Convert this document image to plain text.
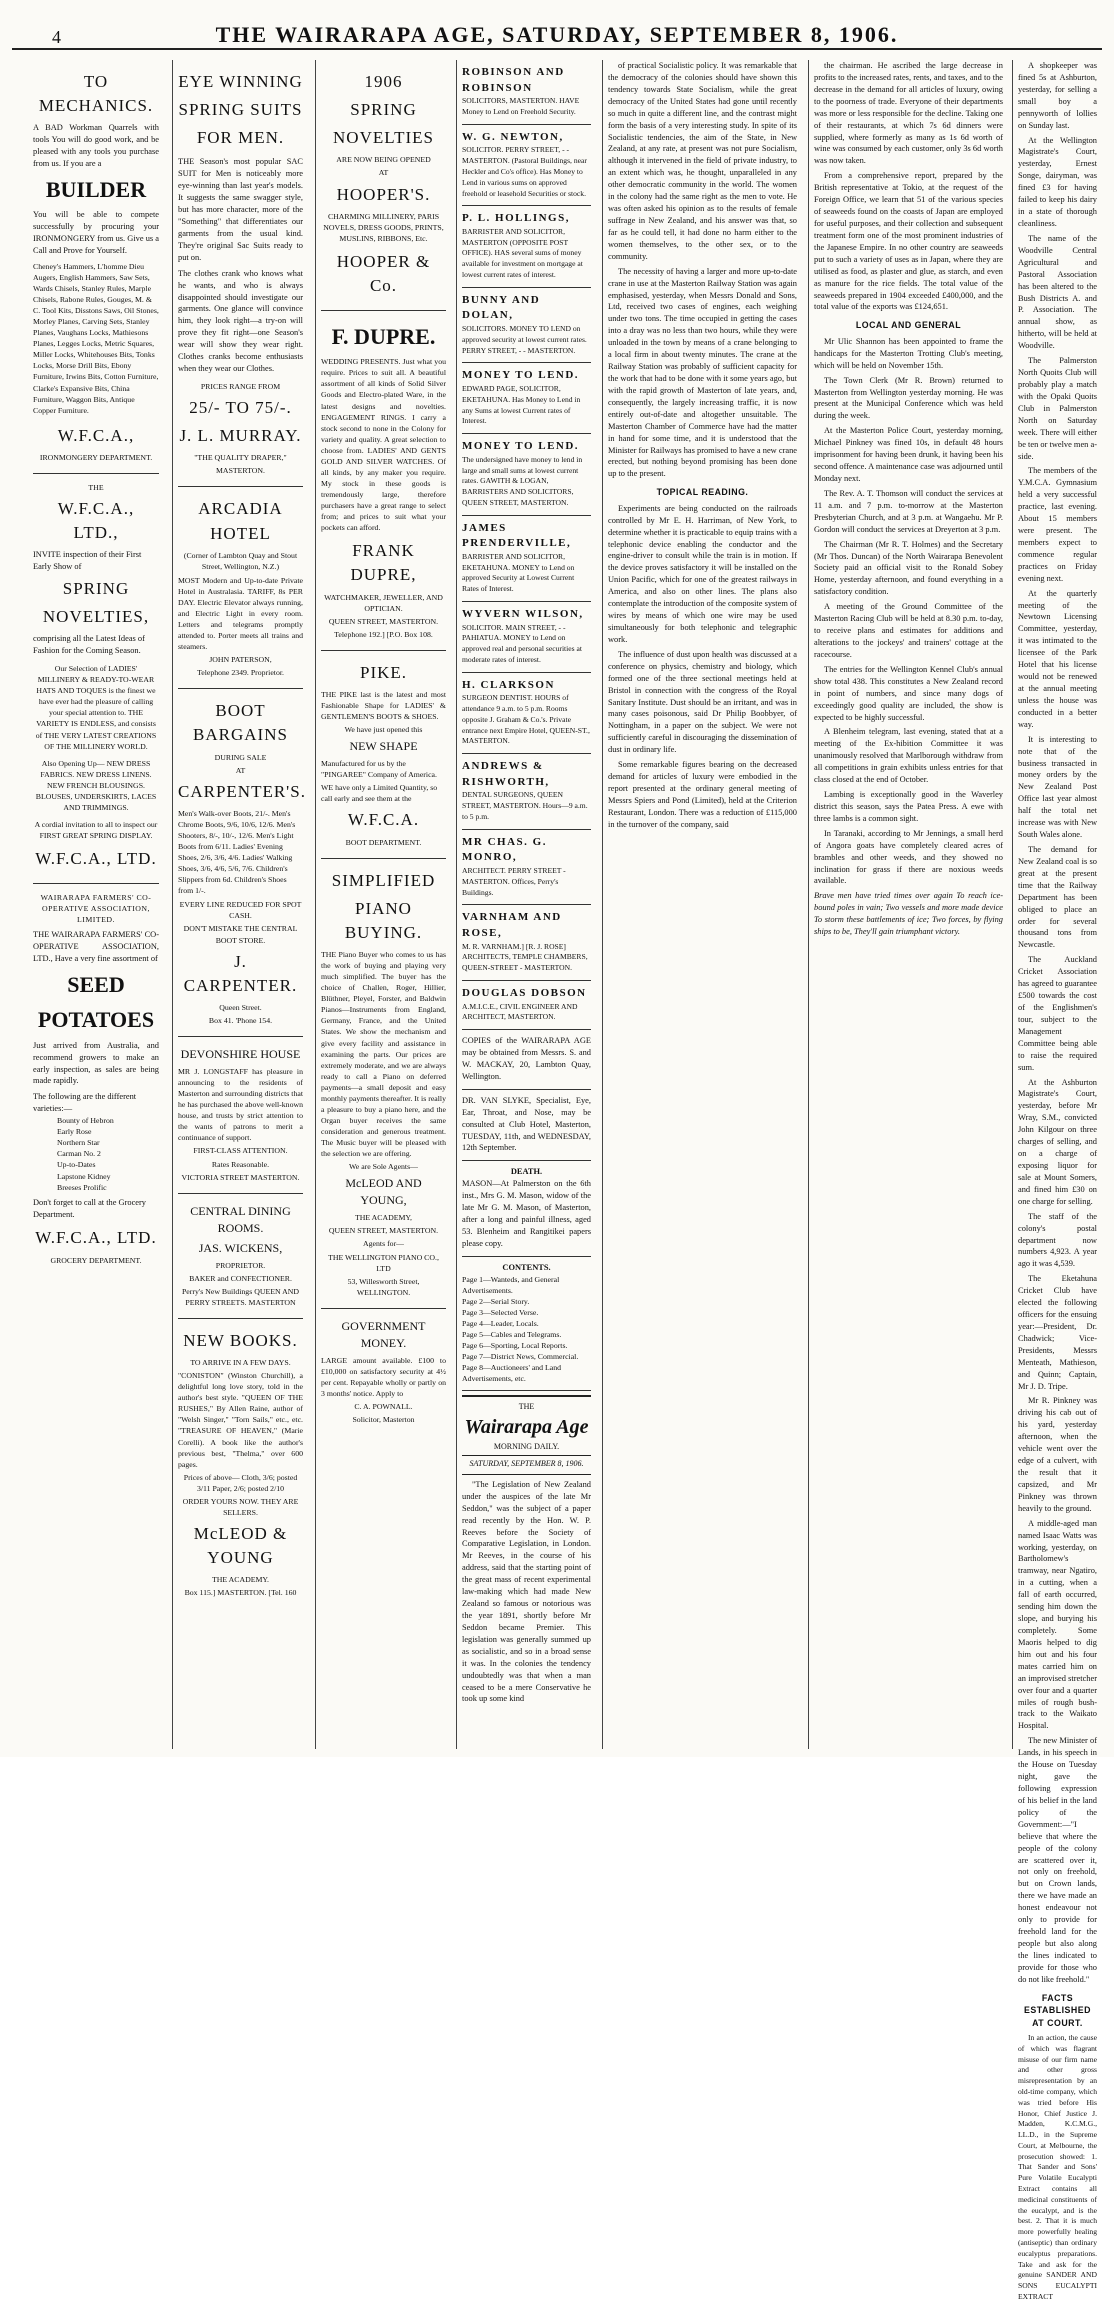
4	THE WAIRARAPA AGE, SATURDAY, SEPTEMBER 8, 1906.
TO MECHANICS.
A BAD Workman Quarrels with tools You will do good work, and be pleased with any tools you purchase from us. If you are a
BUILDER
You will be able to compete successfully by procuring your IRONMONGERY from us. Give us a Call and Prove for Yourself.
Cheney's Hammers, L'homme Dieu Augers, English Hammers, Saw Sets, Wards Chisels, Stanley Rules, Marple Chisels, Rabone Rules, Gouges, M. & C. Tool Kits, Disstons Saws, Oil Stones, Morley Planes, Carving Sets, Stanley Planes, Vaughans Locks, Mathiesons Planes, Legges Locks, Metric Squares, Miller Locks, Whitehouses Bits, Tonks Locks, Morse Drill Bits, Ebony Furniture, Irwins Bits, Cotton Furniture, Clarke's Expansive Bits, China Furniture, Waggon Bits, Antique Copper Furniture.
W.F.C.A.,
IRONMONGERY DEPARTMENT.
THE
W.F.C.A., LTD.,
INVITE inspection of their First Early Show of
SPRING
NOVELTIES,
comprising all the Latest Ideas of Fashion for the Coming Season.
Our Selection of LADIES' MILLINERY & READY-TO-WEAR HATS AND TOQUES is the finest we have ever had the pleasure of calling your special attention to. THE VARIETY IS ENDLESS, and consists of THE VERY LATEST CREATIONS OF THE MILLINERY WORLD.
Also Opening Up— NEW DRESS FABRICS. NEW DRESS LINENS. NEW FRENCH BLOUSINGS. BLOUSES, UNDERSKIRTS, LACES AND TRIMMINGS.
A cordial invitation to all to inspect our FIRST GREAT SPRING DISPLAY.
W.F.C.A., LTD.
WAIRARAPA FARMERS' CO-OPERATIVE ASSOCIATION, LIMITED.
THE WAIRARAPA FARMERS' CO-OPERATIVE ASSOCIATION, LTD., Have a very fine assortment of
SEED
POTATOES
Just arrived from Australia, and recommend growers to make an early inspection, as sales are being made rapidly.
The following are the different varieties:—
Bounty of Hebron
Early Rose
Northern Star
Carman No. 2
Up-to-Dates
Lapstone Kidney
Breeses Prolific
Don't forget to call at the Grocery Department.
W.F.C.A., LTD.
GROCERY DEPARTMENT.
EYE WINNING
SPRING SUITS
FOR MEN.
THE Season's most popular SAC SUIT for Men is noticeably more eye-winning than last year's models. It suggests the same swagger style, but has more character, more of the "Something" that differentiates our garments from the usual kind. They're original Sac Suits ready to put on.
The clothes crank who knows what he wants, and who is always disappointed should investigate our garments. One glance will convince him, they look right—a try-on will prove they fit right—one Season's wear will show they wear right. Clothes cranks become enthusiasts when they wear our Clothes.
PRICES RANGE FROM
25/- TO 75/-.
J. L. MURRAY.
"THE QUALITY DRAPER,"
MASTERTON.
ARCADIA HOTEL
(Corner of Lambton Quay and Stout Street, Wellington, N.Z.)
MOST Modern and Up-to-date Private Hotel in Australasia. TARIFF, 8s PER DAY. Electric Elevator always running, and Electric Light in every room. Letters and telegrams promptly attended to. Porter meets all trains and steamers.
JOHN PATERSON,
Telephone 2349. Proprietor.
BOOT BARGAINS
DURING SALE
AT
CARPENTER'S.
Men's Walk-over Boots, 21/-. Men's Chrome Boots, 9/6, 10/6, 12/6. Men's Shooters, 8/-, 10/-, 12/6. Men's Light Boots from 6/11. Ladies' Evening Shoes, 2/6, 3/6, 4/6. Ladies' Walking Shoes, 3/6, 4/6, 5/6, 7/6. Children's Slippers from 6d. Children's Shoes from 1/-.
EVERY LINE REDUCED FOR SPOT CASH.
DON'T MISTAKE THE CENTRAL BOOT STORE.
J. CARPENTER.
Queen Street.
Box 41. 'Phone 154.
DEVONSHIRE HOUSE
MR J. LONGSTAFF has pleasure in announcing to the residents of Masterton and surrounding districts that he has purchased the above well-known house, and trusts by strict attention to the wants of patrons to merit a continuance of support.
FIRST-CLASS ATTENTION.
Rates Reasonable.
VICTORIA STREET MASTERTON.
CENTRAL DINING ROOMS.
JAS. WICKENS,
PROPRIETOR.
BAKER and CONFECTIONER.
Perry's New Buildings QUEEN AND PERRY STREETS. MASTERTON
NEW BOOKS.
TO ARRIVE IN A FEW DAYS.
"CONISTON" (Winston Churchill), a delightful long love story, told in the author's best style. "QUEEN OF THE RUSHES," By Allen Raine, author of "Welsh Singer," "Torn Sails," etc., etc. "TREASURE OF HEAVEN," (Marie Corelli). A book like the author's previous best, "Thelma," over 600 pages.
Prices of above— Cloth, 3/6; posted 3/11 Paper, 2/6; posted 2/10
ORDER YOURS NOW. THEY ARE SELLERS.
McLEOD & YOUNG
THE ACADEMY.
Box 115.] MASTERTON. [Tel. 160
1906
SPRING
NOVELTIES
ARE NOW BEING OPENED
AT
HOOPER'S.
CHARMING MILLINERY, PARIS NOVELS, DRESS GOODS, PRINTS, MUSLINS, RIBBONS, Etc.
HOOPER & Co.
F. DUPRE.
WEDDING PRESENTS. Just what you require. Prices to suit all. A beautiful assortment of all kinds of Solid Silver Goods and Electro-plated Ware, in the latest designs and novelties. ENGAGEMENT RINGS. I carry a stock second to none in the Colony for variety and quality. A great selection to choose from. LADIES' AND GENTS GOLD AND SILVER WATCHES. Of all kinds, by any maker you require. My stock in these goods is tremendously large, therefore purchasers have a great range to select from; and prices to suit what your pockets can afford.
FRANK DUPRE,
WATCHMAKER, JEWELLER, AND OPTICIAN.
QUEEN STREET, MASTERTON.
Telephone 192.] [P.O. Box 108.
PIKE.
THE PIKE last is the latest and most Fashionable Shape for LADIES' & GENTLEMEN'S BOOTS & SHOES.
We have just opened this
NEW SHAPE
Manufactured for us by the "PINGAREE" Company of America.
WE have only a Limited Quantity, so call early and see them at the
W.F.C.A.
BOOT DEPARTMENT.
SIMPLIFIED
PIANO BUYING.
THE Piano Buyer who comes to us has the work of buying and playing very much simplified. The buyer has the choice of Challen, Roger, Hillier, Blüthner, Pleyel, Forster, and Baldwin Pianos—Instruments from England, Germany, France, and the United States. We show the mechanism and give every facility and assistance in examining the parts. Our prices are extremely moderate, and we are always ready to call a Piano on deferred payments—a small deposit and easy monthly payments thereafter. It is really a pleasure to buy a piano here, and the Organ buyer receives the same consideration and generous treatment. The Music buyer will be pleased with the selection we are offering.
We are Sole Agents—
McLEOD AND YOUNG,
THE ACADEMY,
QUEEN STREET, MASTERTON.
Agents for—
THE WELLINGTON PIANO CO., LTD
53, Willesworth Street, WELLINGTON.
GOVERNMENT MONEY.
LARGE amount available. £100 to £10,000 on satisfactory security at 4½ per cent. Repayable wholly or partly on 3 months' notice. Apply to
C. A. POWNALL.
Solicitor, Masterton
ROBINSON AND ROBINSON
SOLICITORS, MASTERTON. HAVE Money to Lend on Freehold Security.
W. G. NEWTON,
SOLICITOR. PERRY STREET, - - MASTERTON. (Pastoral Buildings, near Heckler and Co's office). Has Money to Lend in various sums on approved freehold or leasehold Securities or stock.
P. L. HOLLINGS,
BARRISTER AND SOLICITOR, MASTERTON (OPPOSITE POST OFFICE). HAS several sums of money available for investment on mortgage at lowest current rates of interest.
BUNNY AND DOLAN,
SOLICITORS. MONEY TO LEND on approved security at lowest current rates. PERRY STREET, - - MASTERTON.
MONEY TO LEND.
EDWARD PAGE, SOLICITOR, EKETAHUNA. Has Money to Lend in any Sums at lowest Current rates of Interest.
MONEY TO LEND.
The undersigned have money to lend in large and small sums at lowest current rates. GAWITH & LOGAN, BARRISTERS AND SOLICITORS, QUEEN STREET, MASTERTON.
JAMES PRENDERVILLE,
BARRISTER AND SOLICITOR, EKETAHUNA. MONEY to Lend on approved Security at Lowest Current Rates of Interest.
WYVERN WILSON,
SOLICITOR. MAIN STREET, - - PAHIATUA. MONEY to Lend on approved real and personal securities at moderate rates of interest.
H. CLARKSON
SURGEON DENTIST. HOURS of attendance 9 a.m. to 5 p.m. Rooms opposite J. Graham & Co.'s. Private entrance next Empire Hotel, QUEEN-ST., MASTERTON.
ANDREWS & RISHWORTH,
DENTAL SURGEONS, QUEEN STREET, MASTERTON. Hours—9 a.m. to 5 p.m.
MR CHAS. G. MONRO,
ARCHITECT. PERRY STREET - MASTERTON. Offices, Perry's Buildings.
VARNHAM AND ROSE,
M. R. VARNHAM.] [R. J. ROSE] ARCHITECTS, TEMPLE CHAMBERS, QUEEN-STREET - MASTERTON.
DOUGLAS DOBSON
A.M.I.C.E., CIVIL ENGINEER AND ARCHITECT, MASTERTON.
COPIES of the WAIRARAPA AGE may be obtained from Messrs. S. and W. MACKAY, 20, Lambton Quay, Wellington.
DR. VAN SLYKE, Specialist, Eye, Ear, Throat, and Nose, may be consulted at Club Hotel, Masterton, TUESDAY, 11th, and WEDNESDAY, 12th September.
DEATH.
MASON—At Palmerston on the 6th inst., Mrs G. M. Mason, widow of the late Mr G. M. Mason, of Masterton, after a long and painful illness, aged 53. Blenheim and Rangitikei papers please copy.
CONTENTS.
Page 1—Wanteds, and General Advertisements.
Page 2—Serial Story.
Page 3—Selected Verse.
Page 4—Leader, Locals.
Page 5—Cables and Telegrams.
Page 6—Sporting, Local Reports.
Page 7—District News, Commercial.
Page 8—Auctioneers' and Land Advertisements, etc.
THE
Wairarapa Age
MORNING DAILY.
SATURDAY, SEPTEMBER 8, 1906.

"The Legislation of New Zealand under the auspices of the late Mr Seddon," was the subject of a paper read recently by the Hon. W. P. Reeves before the Society of Comparative Legislation, in London. Mr Reeves, in the course of his address, said that the starting point of the great mass of recent experimental law-making which had made New Zealand so famous or notorious was the year 1891, shortly before Mr Seddon became Premier. This legislation was generally summed up as socialistic, and so in a broad sense it was. In the colonies the tendency undoubtedly was that when a man ceased to be a mere Conservative he took up some kind

of practical Socialistic policy. It was remarkable that the democracy of the colonies should have shown this tendency towards State Socialism, while the great democracy of the United States had gone until recently so much in quite a different line, and the contrast might form the basis of a very interesting study. In spite of its Socialistic tendencies, the aim of the State, in New Zealand, at any rate, at present was not pure Socialism, although it intervened in the field of private industry, to an extent which was, he thought, unparalleled in any other democratic community in the world. The women in the colony had the same right as the men to vote. He was often asked his opinion as to the results of female suffrage in New Zealand, and his answer was that, so far as he could tell, it had done no harm either to the women themselves, to the other sex, or to the community.

The necessity of having a larger and more up-to-date crane in use at the Masterton Railway Station was again emphasised, yesterday, when Messrs Donald and Sons, Ltd, received two cases of engines, each weighing under two tons. The time occupied in getting the cases into a dray was no less than two hours, while they were unloaded in the town by means of a crane belonging to a local firm in about twenty minutes. The crane at the Railway Station was probably of sufficient capacity for the work that had to be done with it some years ago, but with the rapid growth of Masterton of late years, and, consequently, the largely increasing traffic, it is now entirely out-of-date and altogether unsuitable. The Masterton Chamber of Commerce have had the matter in hand for some time, and it is understood that the Minister for Railways has promised to have a new crane erected, but nothing beyond promising has been done up to the present.

TOPICAL READING.

Experiments are being conducted on the railroads controlled by Mr E. H. Harriman, of New York, to determine whether it is practicable to equip trains with a telephonic device enabling the conductor and the engine-driver to consult while the train is in motion. If the device proves satisfactory it will be installed on the Union Pacific, which for one of the greatest railways in America, and also on other lines. The plans also contemplate the introduction of the composite system of wires by means of which one wire may be used simultaneously for both telephonic and telegraphic work.

The influence of dust upon health was discussed at a conference on physics, chemistry and biology, which formed one of the three sectional meetings held at Bristol in connection with the congress of the Royal Sanitary Institute. Dust should be an irritant, and was in many cases poisonous, said Dr Philip Boobbyer, of Nottingham, in a paper on the subject. We were not sufficiently careful in discouraging the dissemination of dust in ordinary life.

Some remarkable figures bearing on the decreased demand for articles of luxury were embodied in the report presented at the ordinary general meeting of Messrs Spiers and Pond (Limited), held at the Criterion Restaurant, London. There was a reduction of £115,000 in the turnover of the company, said

the chairman. He ascribed the large decrease in profits to the increased rates, rents, and taxes, and to the decrease in the demand for all articles of luxury, owing to the poorness of trade. Everyone of their departments was more or less responsible for the decline. Taking one of their restaurants, at which 7s 6d dinners were supplied, where formerly as many as 1s 6d worth of wine was consumed by each customer, only 3s 6d worth was now taken.

From a comprehensive report, prepared by the British representative at Tokio, at the request of the Foreign Office, we learn that 51 of the various species of seaweeds found on the coasts of Japan are employed for useful purposes, and their collection and subsequent treatment form one of the most prominent industries of the Japanese Empire. In no other country are seaweeds put to such a variety of uses as in Japan, where they are utilised as food, as plaster and glue, as starch, and even as manure for the rice fields. The total value of the seaweeds prepared in 1904 exceeded £400,000, and the total value of the exports was £124,651.

LOCAL AND GENERAL

Mr Ulic Shannon has been appointed to frame the handicaps for the Masterton Trotting Club's meeting, which will be held on November 15th.

The Town Clerk (Mr R. Brown) returned to Masterton from Wellington yesterday morning. He was present at the Municipal Conference which was held during the week.

At the Masterton Police Court, yesterday morning, Michael Pinkney was fined 10s, in default 48 hours imprisonment for having been drunk, it having been his second offence. A maintenance case was adjourned until Monday next.

The Rev. A. T. Thomson will conduct the services at 11 a.m. and 7 p.m. to-morrow at the Masterton Presbyterian Church, and at 3 p.m. at Wangaehu. Mr P. Gordon will conduct the services at Dreyerton at 3 p.m.

The Chairman (Mr R. T. Holmes) and the Secretary (Mr Thos. Duncan) of the North Wairarapa Benevolent Society paid an official visit to the Ronald Sobey Home, yesterday afternoon, and found everything in a satisfactory condition.

A meeting of the Ground Committee of the Masterton Racing Club will be held at 8.30 p.m. to-day, to receive plans and estimates for additions and alterations to the jockeys' and trainers' cottage at the racecourse.

The entries for the Wellington Kennel Club's annual show total 438. This constitutes a New Zealand record in point of numbers, and since many dogs of exceedingly good quality are included, the show is expected to be highly successful.

A Blenheim telegram, last evening, stated that at a meeting of the Ex-hibition Committee it was unanimously resolved that Marlborough withdraw from all competitions in grain exhibits unless entries for that class closed at the end of October.

Lambing is exceptionally good in the Waverley district this season, says the Patea Press. A ewe with three lambs is a common sight.

In Taranaki, according to Mr Jennings, a small herd of Angora goats have completely cleared acres of brambles and other weeds, and they showed no inclination for grass if there are noxious weeds available.

Brave men have tried times over again To reach ice-bound poles in vain; Two vessels and more made device To storm these battlements of ice; Two forces, by flying ships to be, They'll gain triumphant victory.

A shopkeeper was fined 5s at Ashburton, yesterday, for selling a small boy a pennyworth of lollies on Sunday last.

At the Wellington Magistrate's Court, yesterday, Ernest Songe, dairyman, was fined £3 for having failed to keep his dairy in a state of thorough cleanliness.

The name of the Woodville Central Agricultural and Pastoral Association has been altered to the Bush Districts A. and P. Association. The annual show, as hitherto, will be held at Woodville.

The Palmerston North Quoits Club will probably play a match with the Opaki Quoits Club in Palmerston North on Saturday week. There will either be ten or twelve men a-side.

The members of the Y.M.C.A. Gymnasium held a very successful practice, last evening. About 15 members were present. The members expect to commence regular practices on Friday evening next.

At the quarterly meeting of the Newtown Licensing Committee, yesterday, it was intimated to the licensee of the Park Hotel that his license would not be renewed at the annual meeting unless the house was conducted in a better way.

It is interesting to note that of the business transacted in money orders by the New Zealand Post Office last year almost half the total net increase was with New South Wales alone.

The demand for New Zealand coal is so great at the present time that the Railway Department has been obliged to place an order for several thousand tons from Newcastle.

The Auckland Cricket Association has agreed to guarantee £500 towards the cost of the Englishmen's tour, subject to the Management Committee being able to raise the required sum.

At the Ashburton Magistrate's Court, yesterday, before Mr Wray, S.M., convicted John Kilgour on three charges of selling, and on a charge of exposing liquor for sale at Mount Somers, and fined him £30 on one charge for selling.

The staff of the colony's postal department now numbers 4,923. A year ago it was 4,539.

The Eketahuna Cricket Club have elected the following officers for the ensuing year:—President, Dr. Chadwick; Vice-Presidents, Messrs Menteath, Mathieson, and Quinn; Captain, Mr J. D. Tripe.

Mr R. Pinkney was driving his cab out of his yard, yesterday afternoon, when the vehicle went over the edge of a culvert, with the result that it capsized, and Mr Pinkney was thrown heavily to the ground.

A middle-aged man named Isaac Watts was working, yesterday, on Bartholomew's tramway, near Ngatiro, in a cutting, when a fall of earth occurred, sending him down the slope, and burying his completely. Some Maoris helped to dig him out and his four mates carried him on an improvised stretcher over four and a quarter miles of rough bush-track to the Waikato Hospital.

The new Minister of Lands, in his speech in the House on Tuesday night, gave the following expression of his belief in the land policy of the Government:—"I believe that where the people of the colony are scattered over it, not only on freehold, but on Crown lands, there we have made an honest endeavour not only to provide for freehold land for the people but also along the lines indicated to provide for those who do not like freehold."

FACTS ESTABLISHED AT COURT.

In an action, the cause of which was flagrant misuse of our firm name and other gross misrepresentation by an old-time company, which was tried before His Honor, Chief Justice J. Madden, K.C.M.G., LL.D., in the Supreme Court, at Melbourne, the prosecution showed: 1. That Sander and Sons' Pure Volatile Eucalypti Extract contains all medicinal constituents of the eucalypt, and is the best. 2. That it is much more powerfully healing (antiseptic) than ordinary eucalyptus preparations. Take and ask for the genuine SANDER AND SONS EUCALYPTI EXTRACT
